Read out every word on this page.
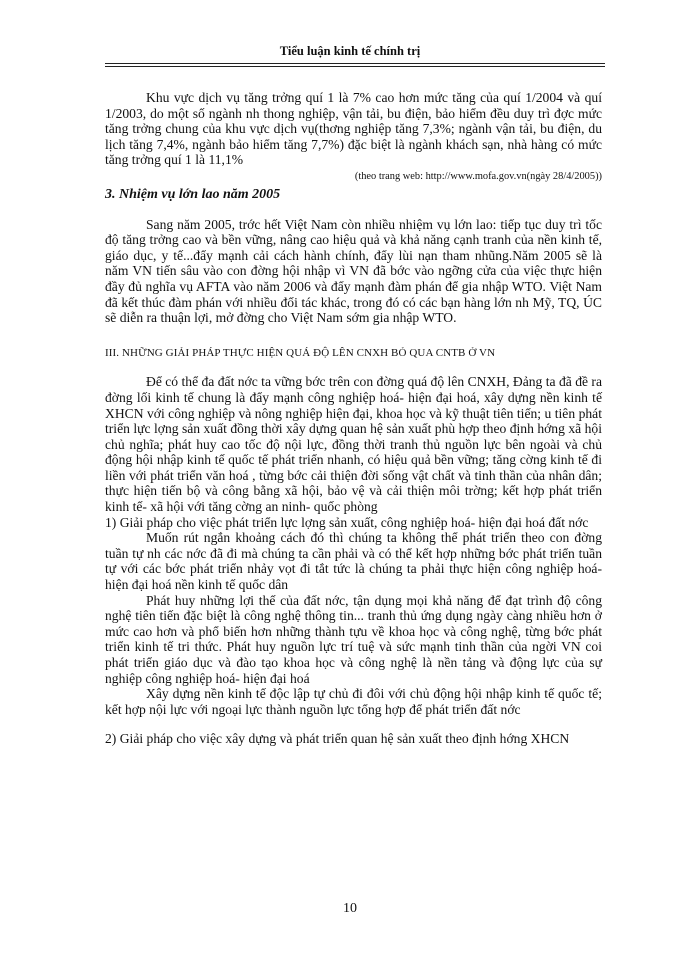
Tiểu luận kinh tế chính trị

Khu vực dịch vụ tăng trởng quí 1 là 7% cao hơn mức tăng của quí 1/2004 và quí 1/2003, do một số ngành nh thong nghiệp, vận tải, bu điện, bảo hiểm đều duy trì đợc mức tăng trởng chung của khu vực dịch vụ(thơng nghiệp tăng 7,3%; ngành vận tải, bu điện, du lịch tăng 7,4%, ngành bảo hiểm tăng 7,7%) đặc biệt là ngành khách sạn, nhà hàng có mức tăng trởng quí 1 là 11,1%

(theo trang web: http://www.mofa.gov.vn(ngày 28/4/2005))

3. Nhiệm vụ lớn lao năm 2005

Sang năm 2005, trớc hết Việt Nam còn nhiều nhiệm vụ lớn lao: tiếp tục duy trì tốc độ tăng trởng cao và bền vững, nâng cao hiệu quả và khả năng cạnh tranh của nền kinh tế, giáo dục, y tế...đẩy mạnh cải cách hành chính, đẩy lùi nạn tham nhũng.Năm 2005 sẽ là năm VN tiến sâu vào con đờng hội nhập vì VN đã bớc vào ngỡng cửa của việc thực hiện đầy đủ nghĩa vụ AFTA vào năm 2006 và đẩy mạnh đàm phán để gia nhập WTO. Việt Nam đã kết thúc đàm phán với nhiều đối tác khác, trong đó có các bạn hàng lớn nh Mỹ, TQ, ÚC sẽ diễn ra thuận lợi, mở đờng cho Việt Nam sớm gia nhập WTO.

III. NHỮNG GIẢI PHÁP THỰC HIỆN QUÁ ĐỘ LÊN CNXH BỎ QUA CNTB Ở VN

Để có thể đa đất nớc ta vững bớc trên con đờng quá độ lên CNXH, Đảng ta đã đề ra đờng lối kinh tế chung là đẩy mạnh công nghiệp hoá- hiện đại hoá, xây dựng nền kinh tế XHCN với công nghiệp và nông nghiệp hiện đại, khoa học và kỹ thuật tiên tiến; u tiên phát triển lực lợng sản xuất đồng thời xây dựng quan hệ sản xuất phù hợp theo định hớng xã hội chủ nghĩa; phát huy cao tốc độ nội lực, đồng thời tranh thủ nguồn lực bên ngoài và chủ động hội nhập kinh tế quốc tế phát triển nhanh, có hiệu quả bền vững; tăng cờng kinh tế đi liền với phát triển văn hoá , từng bớc cải thiện đời sống vật chất và tinh thần của nhân dân; thực hiện tiến bộ và công bằng xã hội, bảo vệ và cải thiện môi trờng; kết hợp phát triển kinh tế- xã hội với tăng cờng an ninh- quốc phòng

1) Giải pháp cho việc phát triển lực lợng sản xuất, công nghiệp hoá- hiện đại hoá đất nớc

Muốn rút ngắn khoảng cách đó thì chúng ta không thể phát triển theo con đờng tuần tự nh các nớc đã đi mà chúng ta cần phải và có thể kết hợp những bớc phát triển tuần tự với các bớc phát triển nhảy vọt đi tắt tức là chúng ta phải thực hiện công nghiệp hoá- hiện đại hoá nền kinh tế quốc dân

Phát huy những lợi thế của đất nớc, tận dụng mọi khả năng để đạt trình độ công nghệ tiên tiến đặc biệt là công nghệ thông tin... tranh thủ ứng dụng ngày càng nhiều hơn ở mức cao hơn và phổ biến hơn những thành tựu về khoa học và công nghệ, từng bớc phát triển kinh tế tri thức. Phát huy nguồn lực trí tuệ và sức mạnh tinh thần của ngời VN coi phát triển giáo dục và đào tạo khoa học và công nghệ là nền tảng và động lực của sự nghiệp công nghiệp hoá- hiện đại hoá

Xây dựng nền kinh tế độc lập tự chủ đi đôi với chủ động hội nhập kinh tế quốc tế; kết hợp nội lực với ngoại lực thành nguồn lực tổng hợp để phát triển đất nớc

2) Giải pháp cho việc xây dựng và phát triển quan hệ sản xuất theo định hớng XHCN

10
